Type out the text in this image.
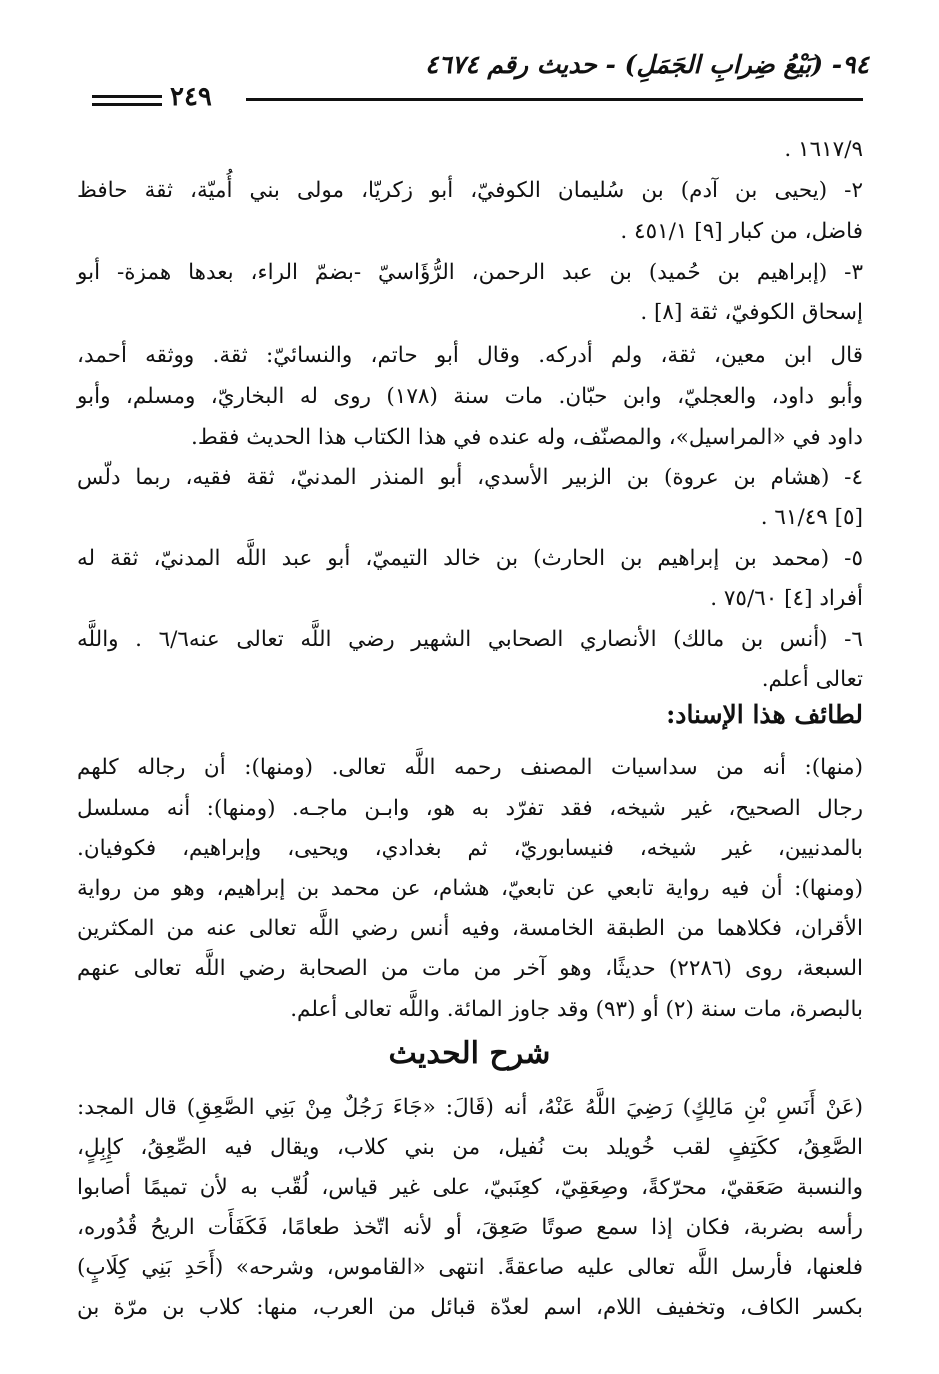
٩٤- (بَيْعُ ضِرابِ الجَمَلِ) - حديث رقم ٤٦٧٤
٢٤٩
١٦١٧/٩ .
٢- (يحيى بن آدم) بن سُليمان الكوفيّ، أبو زكريّا، مولى بني أُميّة، ثقة حافظ
فاضل، من كبار [٩] ٤٥١/١ .
٣- (إبراهيم بن حُميد) بن عبد الرحمن، الرُّؤَاسيّ -بضمّ الراء، بعدها همزة- أبو
إسحاق الكوفيّ، ثقة [٨] .
قال ابن معين، ثقة، ولم أدركه. وقال أبو حاتم، والنسائيّ: ثقة. ووثقه أحمد،
وأبو داود، والعجليّ، وابن حبّان. مات سنة (١٧٨) روى له البخاريّ، ومسلم، وأبو
داود في «المراسيل»، والمصنّف، وله عنده في هذا الكتاب هذا الحديث فقط.
٤- (هشام بن عروة) بن الزبير الأسدي، أبو المنذر المدنيّ، ثقة فقيه، ربما دلّس
[٥] ٦١/٤٩ .
٥- (محمد بن إبراهيم بن الحارث) بن خالد التيميّ، أبو عبد اللَّه المدنيّ، ثقة له
أفراد [٤] ٧٥/٦٠ .
٦- (أنس بن مالك) الأنصاري الصحابي الشهير رضي اللَّه تعالى عنه٦/٦ . واللَّه
تعالى أعلم.
لطائف هذا الإسناد:
(منها): أنه من سداسيات المصنف رحمه اللَّه تعالى. (ومنها): أن رجاله كلهم
رجال الصحيح، غير شيخه، فقد تفرّد به هو، وابـن ماجـه. (ومنها): أنه مسلسل
بالمدنيين، غير شيخه، فنيسابوريّ، ثم بغدادي، ويحيى، وإبراهيم، فكوفيان.
(ومنها): أن فيه رواية تابعي عن تابعيّ، هشام، عن محمد بن إبراهيم، وهو من رواية
الأقران، فكلاهما من الطبقة الخامسة، وفيه أنس رضي اللَّه تعالى عنه من المكثرين
السبعة، روى (٢٢٨٦) حديثًا، وهو آخر من مات من الصحابة رضي اللَّه تعالى عنهم
بالبصرة، مات سنة (٢) أو (٩٣) وقد جاوز المائة. واللَّه تعالى أعلم.
شرح الحديث
(عَنْ أَنَسِ بْنِ مَالِكٍ) رَضِيَ اللَّهُ عَنْهُ، أنه (قَالَ: «جَاءَ رَجُلٌ مِنْ بَنِي الصَّعِقِ) قال المجد:
الصَّعِقُ، ككَتِفٍ لقب خُويلد بت نُفيل، من بني كلاب، ويقال فيه الصِّعِقُ، كإِبِلٍ،
والنسبة صَعَقيّ، محرّكةً، وصِعَقِيّ، كعِنَبيّ، على غير قياس، لُقّب به لأن تميمًا أصابوا
رأسه بضربة، فكان إذا سمع صوتًا صَعِقَ، أو لأنه اتّخذ طعامًا، فَكَفَأَت الريحُ قُدُوره،
فلعنها، فأرسل اللَّه تعالى عليه صاعقةً. انتهى «القاموس، وشرحه» (أَحَدِ بَنِي كِلَابٍ)
بكسر الكاف، وتخفيف اللام، اسم لعدّة قبائل من العرب، منها: كلاب بن مرّة بن
